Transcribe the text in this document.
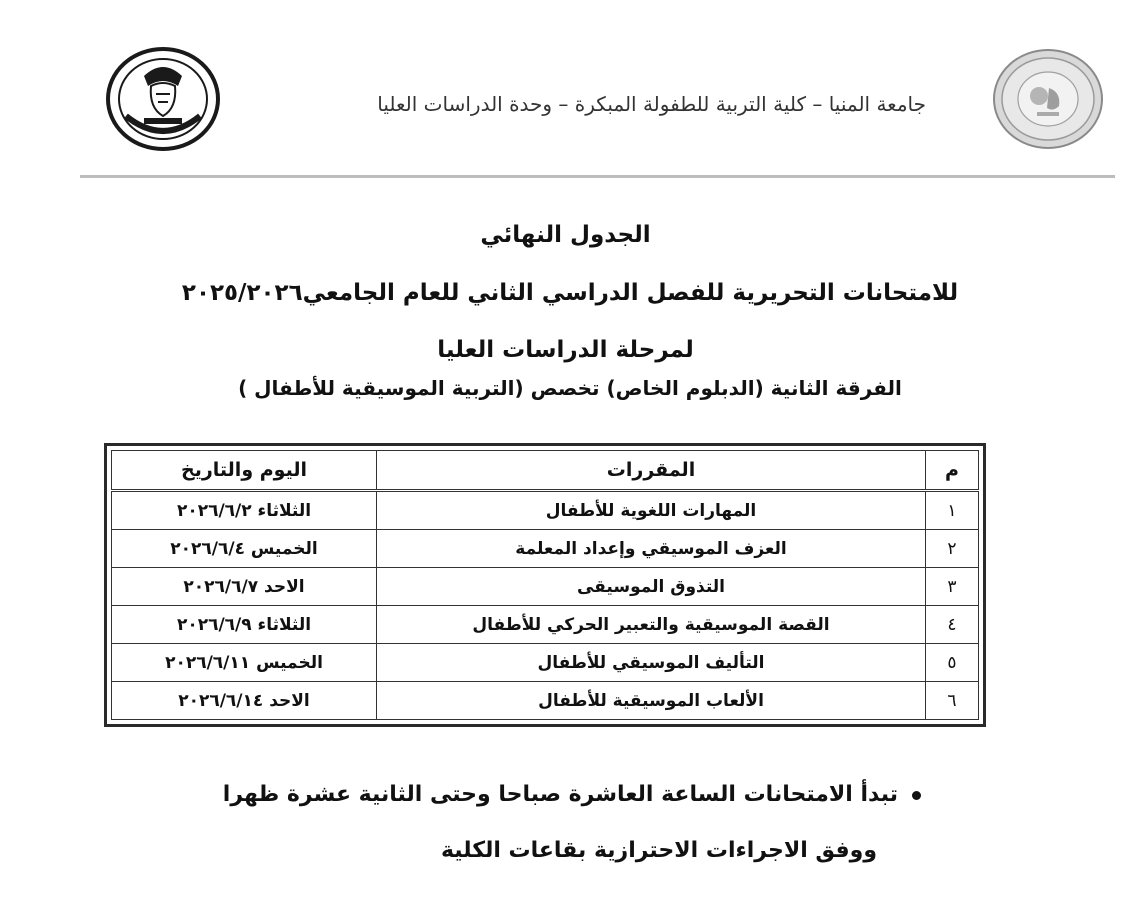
جامعة المنيا – كلية التربية للطفولة المبكرة – وحدة الدراسات العليا
الجدول النهائي
للامتحانات التحريرية للفصل الدراسي الثاني للعام الجامعي٢٠٢٥/٢٠٢٦
لمرحلة الدراسات العليا
الفرقة الثانية (الدبلوم الخاص) تخصص (التربية الموسيقية للأطفال )
م	المقررات	اليوم والتاريخ
١	المهارات اللغوية للأطفال	الثلاثاء ٢٠٢٦/٦/٢
٢	العزف الموسيقي وإعداد المعلمة	الخميس ٢٠٢٦/٦/٤
٣	التذوق الموسيقى	الاحد ٢٠٢٦/٦/٧
٤	القصة الموسيقية والتعبير الحركي للأطفال	الثلاثاء ٢٠٢٦/٦/٩
٥	التأليف الموسيقي للأطفال	الخميس ٢٠٢٦/٦/١١
٦	الألعاب الموسيقية للأطفال	الاحد ٢٠٢٦/٦/١٤
تبدأ الامتحانات الساعة العاشرة صباحا وحتى الثانية عشرة ظهرا
ووفق الاجراءات الاحترازية بقاعات الكلية
